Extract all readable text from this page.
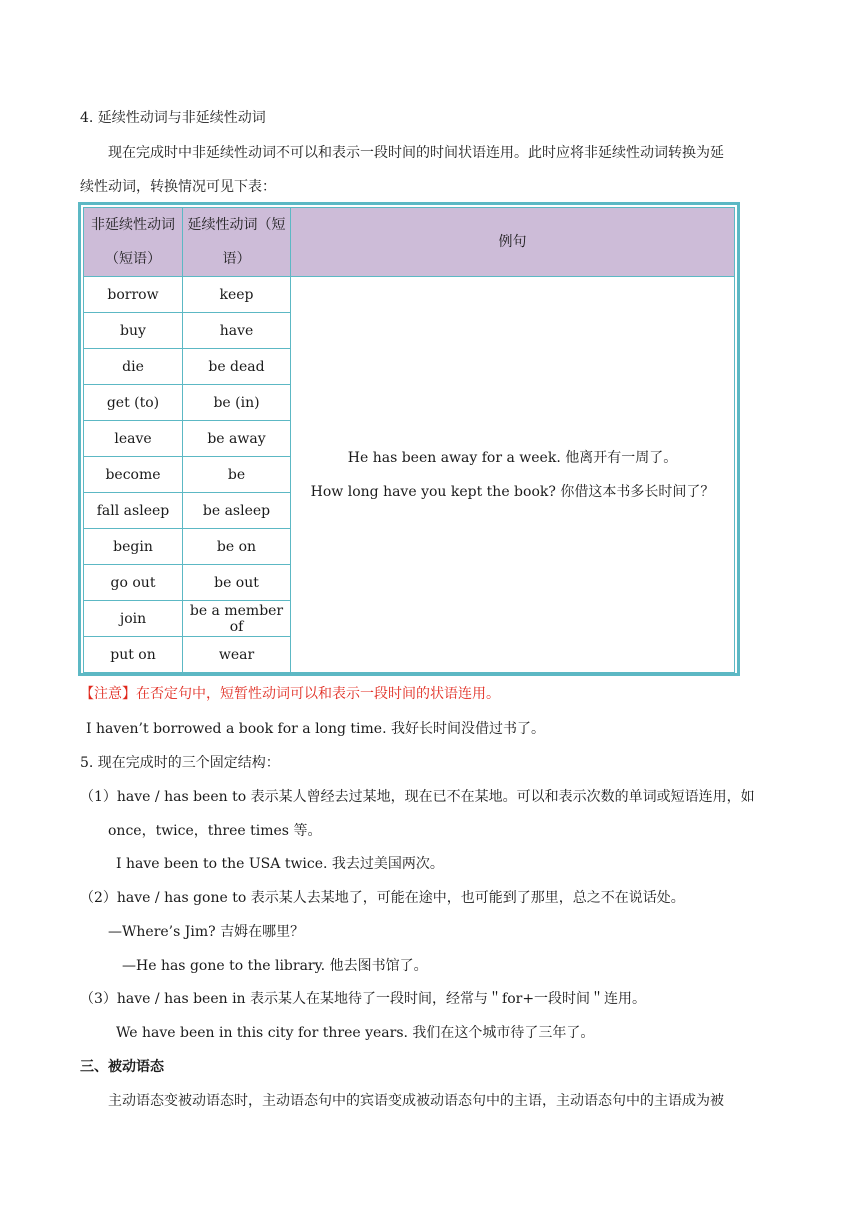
4. 延续性动词与非延续性动词
现在完成时中非延续性动词不可以和表示一段时间的时间状语连用。此时应将非延续性动词转换为延
续性动词，转换情况可见下表：
非延续性动词（短语）	延续性动词（短语）	例句
borrow	keep	He has been away for a week. 他离开有一周了。
How long have you kept the book? 你借这本书多长时间了？

buy	have	
die	be dead	
get (to)	be (in)	
leave	be away	
become	be	
fall asleep	be asleep	
begin	be on	
go out	be out	
join	be a member of	
put on	wear	
【注意】在否定句中，短暂性动词可以和表示一段时间的状语连用。
I haven’t borrowed a book for a long time. 我好长时间没借过书了。
5. 现在完成时的三个固定结构：
（1）have / has been to 表示某人曾经去过某地，现在已不在某地。可以和表示次数的单词或短语连用，如
once，twice，three times 等。
I have been to the USA twice. 我去过美国两次。
（2）have / has gone to 表示某人去某地了，可能在途中，也可能到了那里，总之不在说话处。
—Where’s Jim? 吉姆在哪里？
—He has gone to the library. 他去图书馆了。
（3）have / has been in 表示某人在某地待了一段时间，经常与＂for+一段时间＂连用。
We have been in this city for three years. 我们在这个城市待了三年了。
三、被动语态
主动语态变被动语态时，主动语态句中的宾语变成被动语态句中的主语，主动语态句中的主语成为被
